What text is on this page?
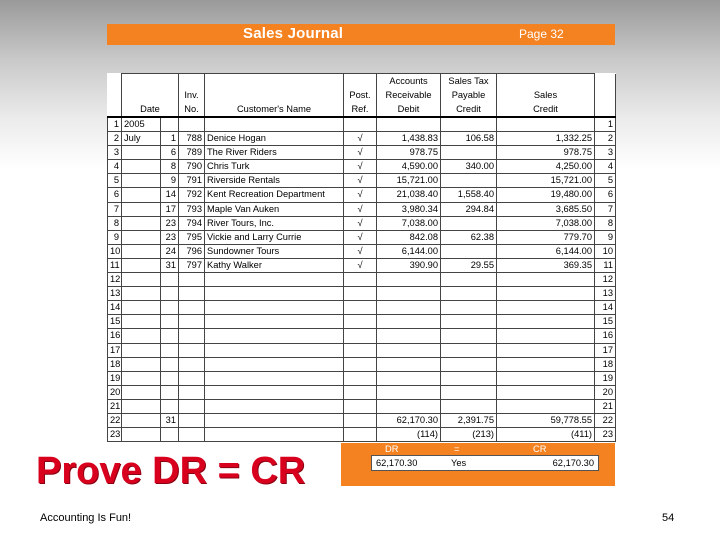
Sales Journal	Page 32
						Accounts	Sales Tax		
			Inv.		Post.	Receivable	Payable	Sales	
	Date		No.	Customer's Name	Ref.	Debit	Credit	Credit	
1	2005								1
2	July	1	788	Denice Hogan	√	1,438.83	106.58	1,332.25	2
3		6	789	The River Riders	√	978.75		978.75	3
4		8	790	Chris Turk	√	4,590.00	340.00	4,250.00	4
5		9	791	Riverside Rentals	√	15,721.00		15,721.00	5
6		14	792	Kent Recreation Department	√	21,038.40	1,558.40	19,480.00	6
7		17	793	Maple Van Auken	√	3,980.34	294.84	3,685.50	7
8		23	794	River Tours, Inc.	√	7,038.00		7,038.00	8
9		23	795	Vickie and Larry Currie	√	842.08	62.38	779.70	9
10		24	796	Sundowner Tours	√	6,144.00		6,144.00	10
11		31	797	Kathy Walker	√	390.90	29.55	369.35	11
12									12
13									13
14									14
15									15
16									16
17									17
18									18
19									19
20									20
21									21
22		31				62,170.30	2,391.75	59,778.55	22
23						(114)	(213)	(411)	23
Prove DR = CR
DR	=	CR
62,170.30	Yes	62,170.30
Accounting Is Fun!	54
